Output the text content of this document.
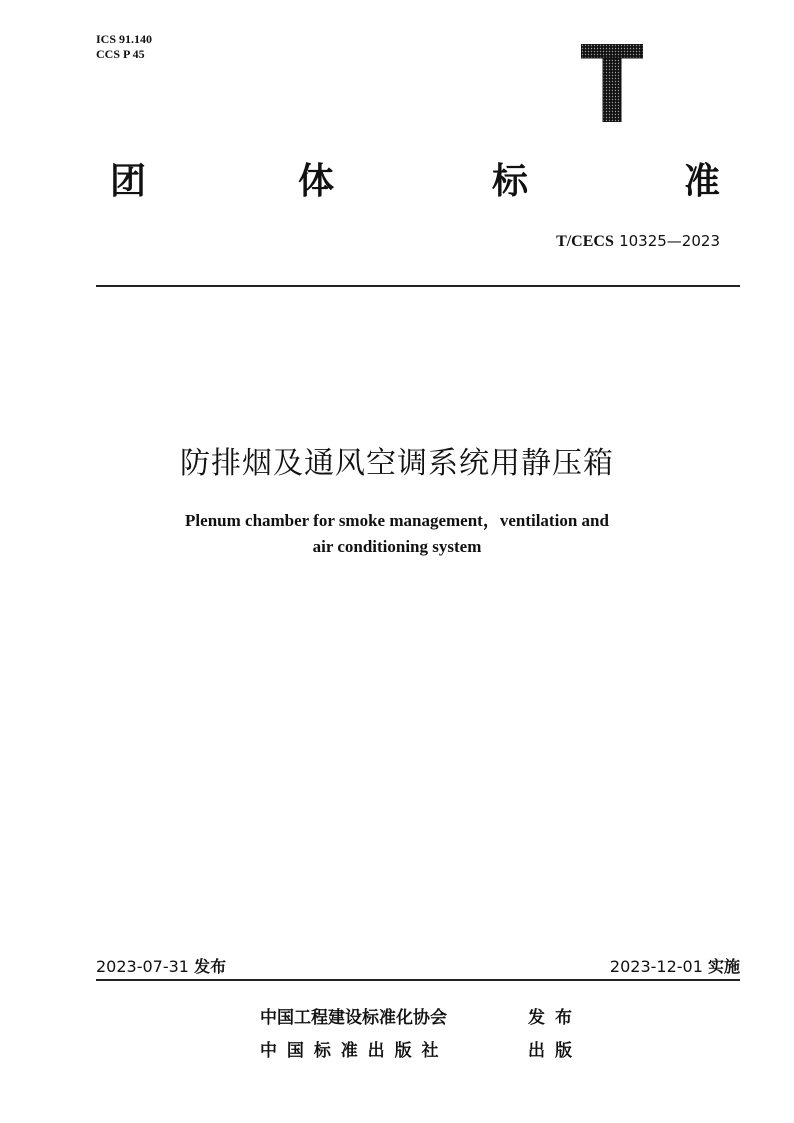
ICS 91.140
CCS P 45
团	体	标	准
T/CECS 10325—2023
防排烟及通风空调系统用静压箱
Plenum chamber for smoke management，ventilation and
air conditioning system
2023-07-31 发布	2023-12-01 实施
中国工程建设标准化协会	发布
中 国 标 准 出 版 社	出版
